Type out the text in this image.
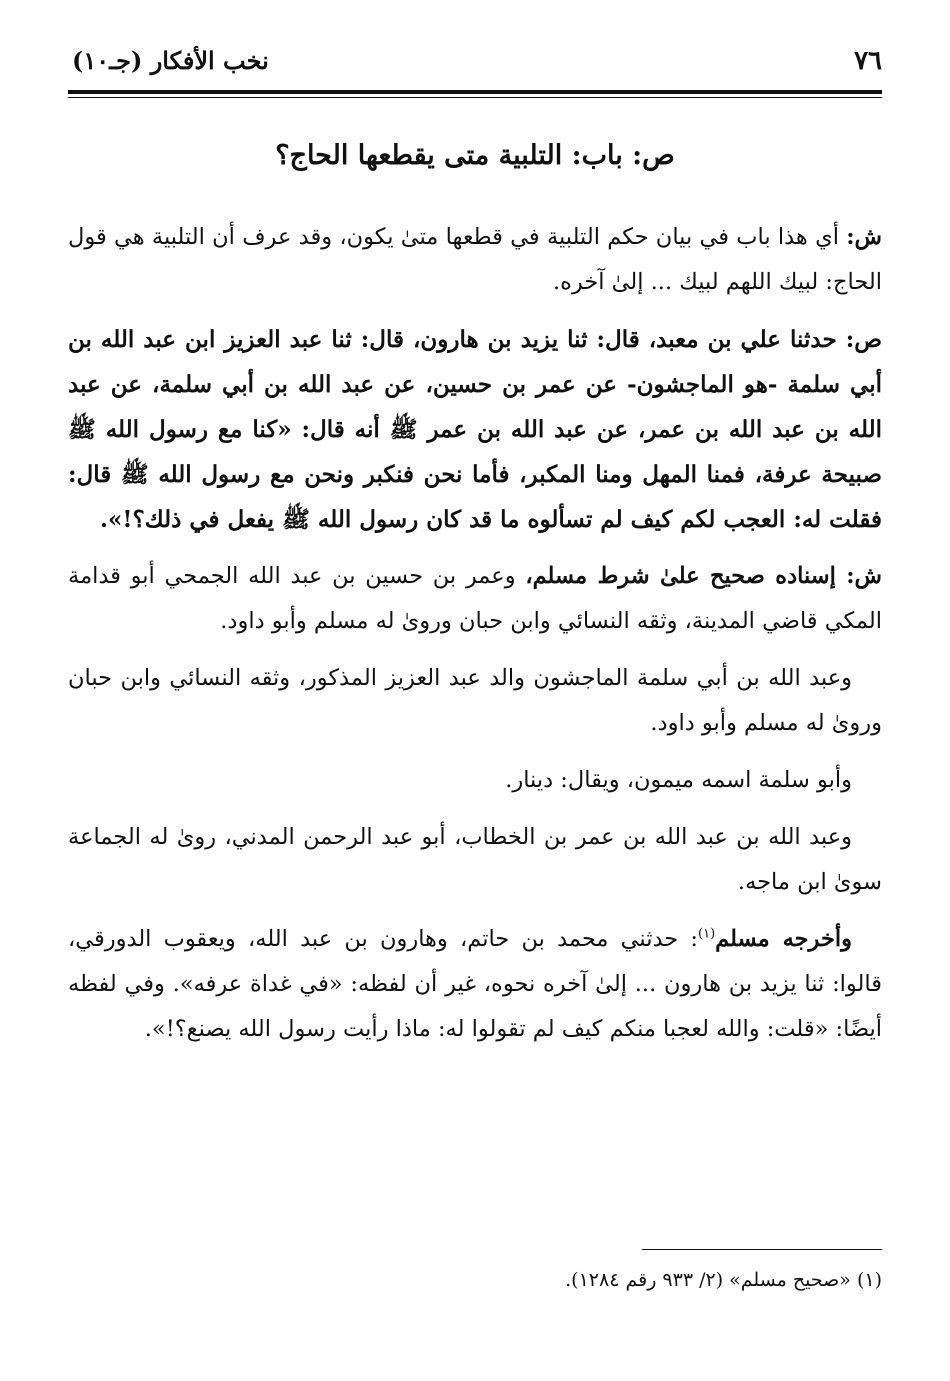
٧٦
نخب الأفكار (جـ١٠)
ص: باب: التلبية متى يقطعها الحاج؟

ش: أي هذا باب في بيان حكم التلبية في قطعها متىٰ يكون، وقد عرف أن التلبية هي قول الحاج: لبيك اللهم لبيك ... إلىٰ آخره.

ص: حدثنا علي بن معبد، قال: ثنا يزيد بن هارون، قال: ثنا عبد العزيز ابن عبد الله بن أبي سلمة -هو الماجشون- عن عمر بن حسين، عن عبد الله بن أبي سلمة، عن عبد الله بن عبد الله بن عمر، عن عبد الله بن عمر ﷺ أنه قال: «كنا مع رسول الله ﷺ صبيحة عرفة، فمنا المهل ومنا المكبر، فأما نحن فنكبر ونحن مع رسول الله ﷺ قال: فقلت له: العجب لكم كيف لم تسألوه ما قد كان رسول الله ﷺ يفعل في ذلك؟!».

ش: إسناده صحيح علىٰ شرط مسلم، وعمر بن حسين بن عبد الله الجمحي أبو قدامة المكي قاضي المدينة، وثقه النسائي وابن حبان وروىٰ له مسلم وأبو داود.

وعبد الله بن أبي سلمة الماجشون والد عبد العزيز المذكور، وثقه النسائي وابن حبان وروىٰ له مسلم وأبو داود.

وأبو سلمة اسمه ميمون، ويقال: دينار.

وعبد الله بن عبد الله بن عمر بن الخطاب، أبو عبد الرحمن المدني، روىٰ له الجماعة سوىٰ ابن ماجه.

وأخرجه مسلم$^{(١)}$: حدثني محمد بن حاتم، وهارون بن عبد الله، ويعقوب الدورقي، قالوا: ثنا يزيد بن هارون ... إلىٰ آخره نحوه، غير أن لفظه: «في غداة عرفه». وفي لفظه أيضًا: «قلت: والله لعجبا منكم كيف لم تقولوا له: ماذا رأيت رسول الله يصنع؟!».

(١) «صحيح مسلم» (٢/ ٩٣٣ رقم ١٢٨٤).
